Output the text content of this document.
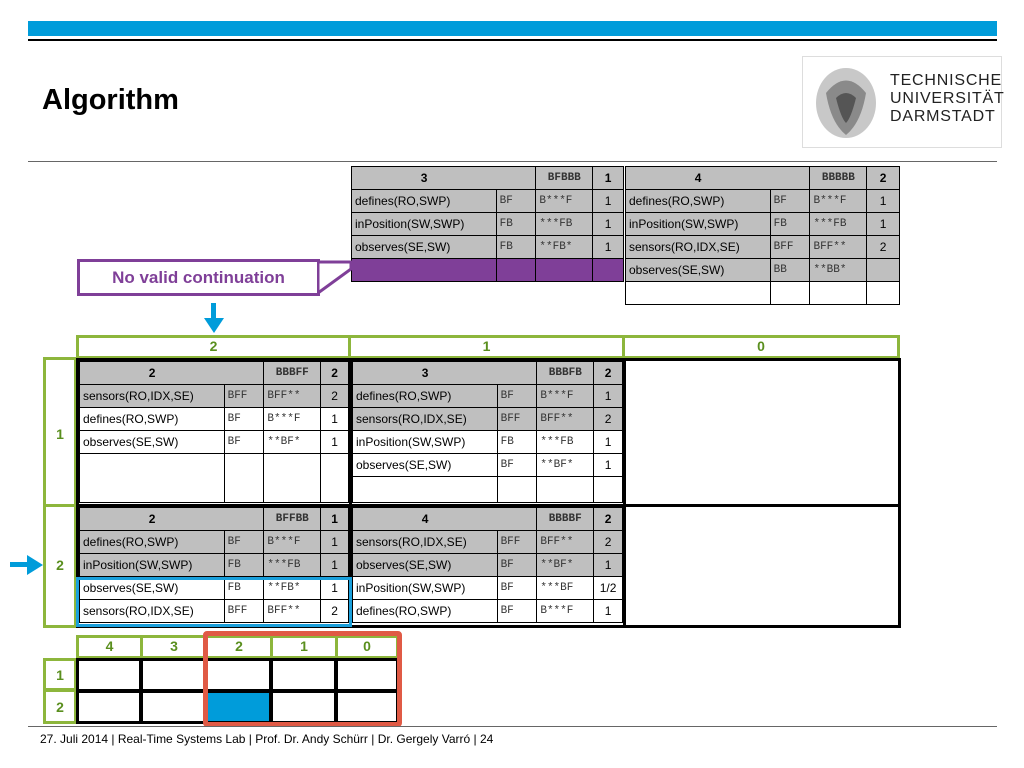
Algorithm
TECHNISCHE
UNIVERSITÄT
DARMSTADT
3		BFBBB	1
defines(RO,SWP)	BF	B***F	1
inPosition(SW,SWP)	FB	***FB	1
observes(SE,SW)	FB	**FB*	1

4		BBBBB	2
defines(RO,SWP)	BF	B***F	1
inPosition(SW,SWP)	FB	***FB	1
sensors(RO,IDX,SE)	BFF	BFF**	2
observes(SE,SW)	BB	**BB*	

No valid continuation
2	1	0
1
2
2		BBBFF	2
sensors(RO,IDX,SE)	BFF	BFF**	2
defines(RO,SWP)	BF	B***F	1
observes(SE,SW)	BF	**BF*	1

3		BBBFB	2
defines(RO,SWP)	BF	B***F	1
sensors(RO,IDX,SE)	BFF	BFF**	2
inPosition(SW,SWP)	FB	***FB	1
observes(SE,SW)	BF	**BF*	1

2		BFFBB	1
defines(RO,SWP)	BF	B***F	1
inPosition(SW,SWP)	FB	***FB	1
observes(SE,SW)	FB	**FB*	1
sensors(RO,IDX,SE)	BFF	BFF**	2
4		BBBBF	2
sensors(RO,IDX,SE)	BFF	BFF**	2
observes(SE,SW)	BF	**BF*	1
inPosition(SW,SWP)	BF	***BF	1/2
defines(RO,SWP)	BF	B***F	1
4	3	2	1	0
1
2
27. Juli 2014 | Real-Time Systems Lab | Prof. Dr. Andy Schürr | Dr. Gergely Varró | 24
